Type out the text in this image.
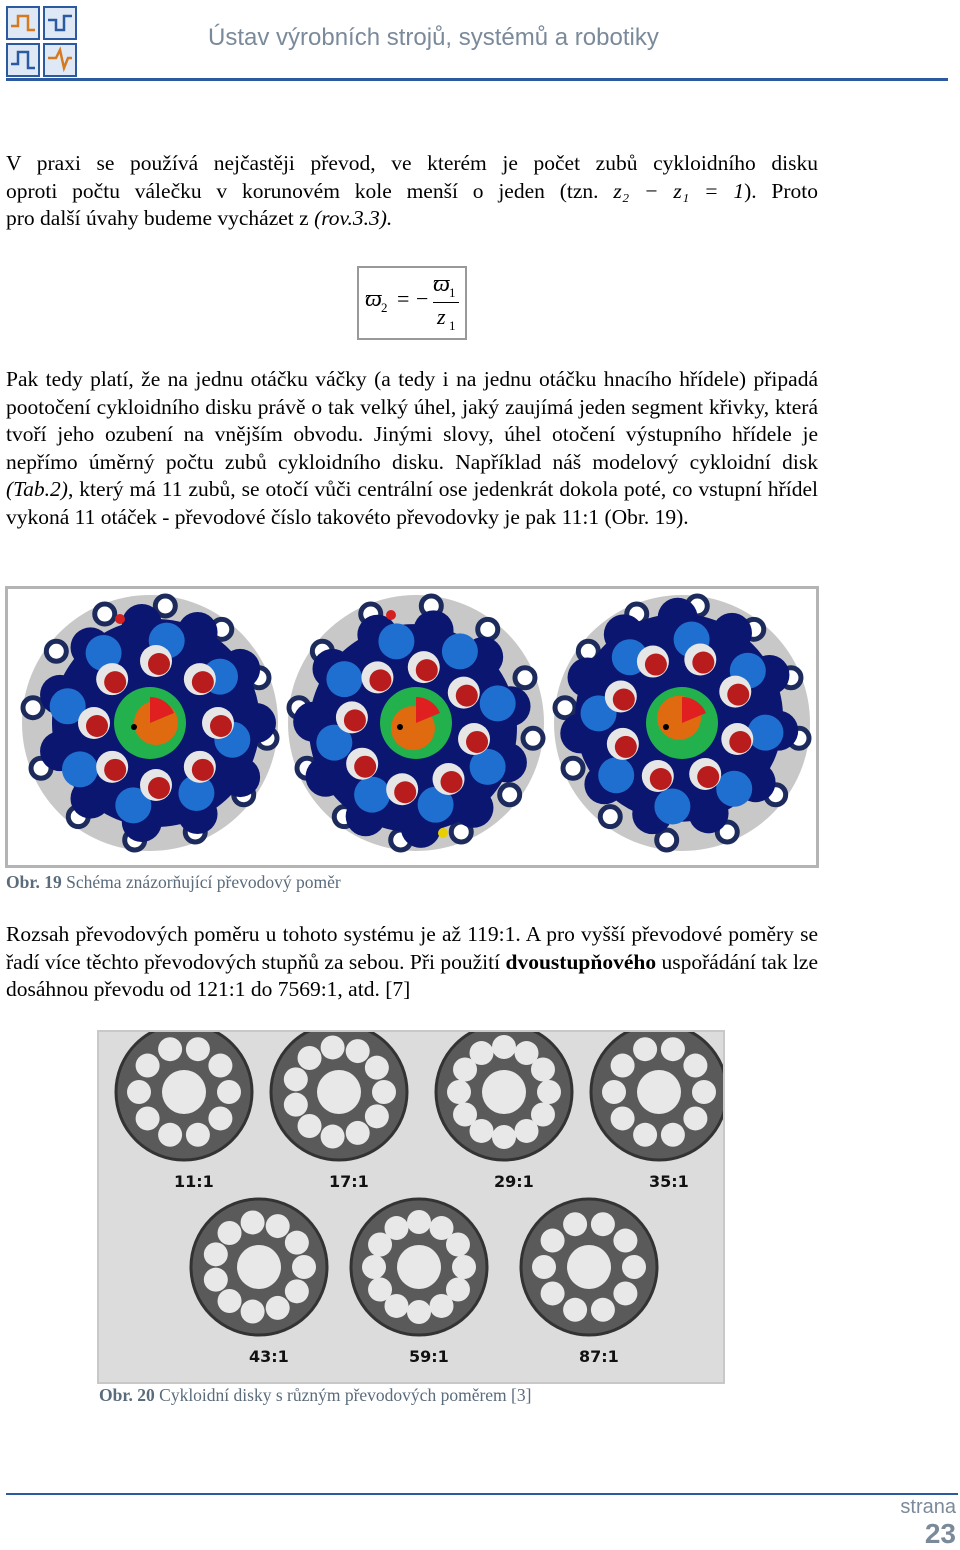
Ústav výrobních strojů, systémů a robotiky

V praxi se používá nejčastěji převod, ve kterém je počet zubů cykloidního disku

oproti počtu válečku v korunovém kole menší o jeden (tzn. z₂ − z₁ = 1). Proto

pro další úvahy budeme vycházet z (rov.3.3).

ϖ 2 = −
ϖ 1
z 1

Pak tedy platí, že na jednu otáčku váčky (a tedy i na jednu otáčku hnacího hřídele) připadá pootočení cykloidního disku právě o tak velký úhel, jaký zaujímá jeden segment křivky, která tvoří jeho ozubení na vnějším obvodu. Jinými slovy, úhel otočení výstupního hřídele je nepřímo úměrný počtu zubů cykloidního disku. Například náš modelový cykloidní disk (Tab.2), který má 11 zubů, se otočí vůči centrální ose jedenkrát dokola poté, co vstupní hřídel vykoná 11 otáček - převodové číslo takovéto převodovky je pak 11:1 (Obr. 19).

Obr. 19 Schéma znázorňující převodový poměr

Rozsah převodových poměru u tohoto systému je až 119:1. A pro vyšší převodové poměry se řadí více těchto převodových stupňů za sebou. Při použití dvoustupňového uspořádání tak lze dosáhnou převodu od 121:1 do 7569:1, atd. [7]

11:1	17:1	29:1	35:1
43:1	59:1	87:1
Obr. 20 Cykloidní disky s různým převodových poměrem [3]
strana
23
